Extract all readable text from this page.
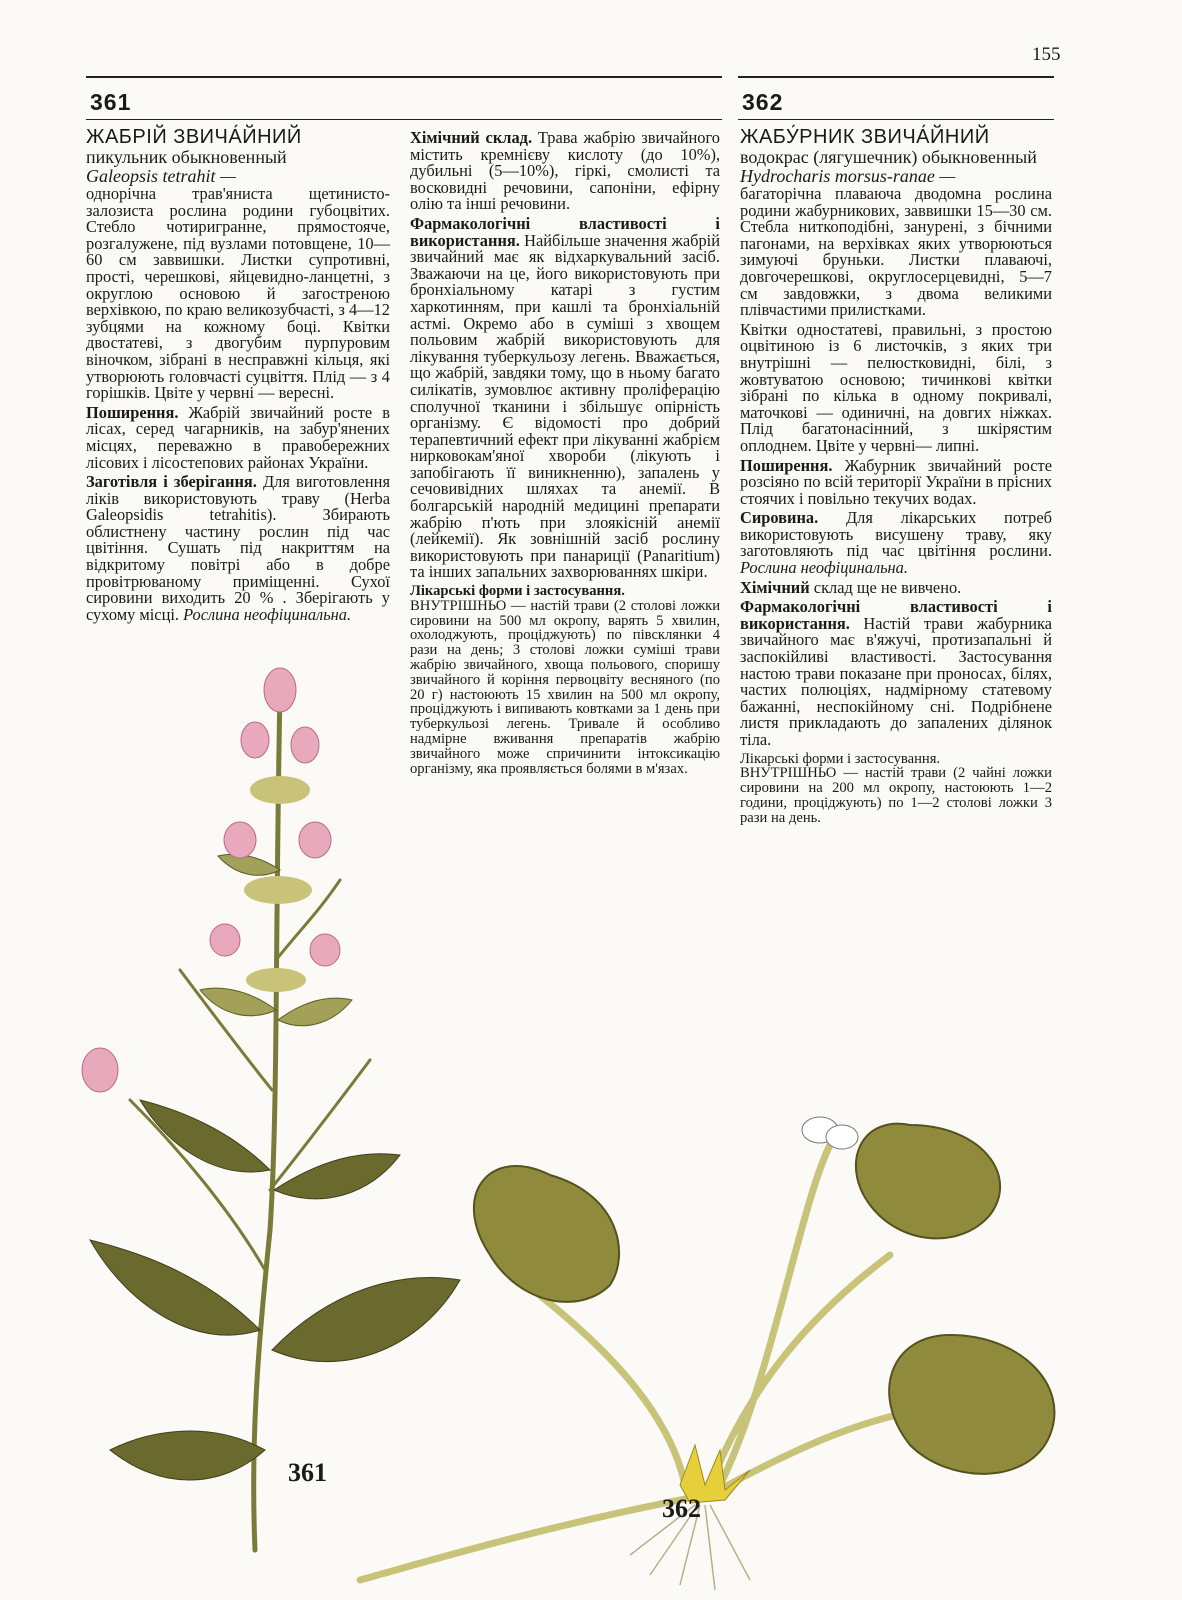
155
361	362
ЖАБРІЙ ЗВИЧА́ЙНИЙ
пикульник обыкновенный
Galeopsis tetrahit —

однорічна трав'яниста щетинисто-залозиста рослина родини губоцвітих. Стебло чотиригранне, прямостояче, розгалужене, під вузлами потовщене, 10—60 см заввишки. Листки супротивні, прості, черешкові, яйцевидно-ланцетні, з округлою основою й загостреною верхівкою, по краю великозубчасті, з 4—12 зубцями на кожному боці. Квітки двостатеві, з двогубим пурпуровим віночком, зібрані в несправжні кільця, які утворюють головчасті суцвіття. Плід — з 4 горішків. Цвіте у червні — вересні.

Поширення. Жабрій звичайний росте в лісах, серед чагарників, на забур'янених місцях, переважно в правобережних лісових і лісостепових районах України.

Заготівля і зберігання. Для виготовлення ліків використовують траву (Herba Galeopsidis tetrahitis). Збирають облистнену частину рослин під час цвітіння. Сушать під накриттям на відкритому повітрі або в добре провітрюваному приміщенні. Сухої сировини виходить 20 % . Зберігають у сухому місці. Рослина неофіцинальна.

Хімічний склад. Трава жабрію звичайного містить кремнієву кислоту (до 10%), дубильні (5—10%), гіркі, смолисті та восковидні речовини, сапоніни, ефірну олію та інші речовини.

Фармакологічні властивості і використання. Найбільше значення жабрій звичайний має як відхаркувальний засіб. Зважаючи на це, його використовують при бронхіальному катарі з густим харкотинням, при кашлі та бронхіальній астмі. Окремо або в суміші з хвощем польовим жабрій використовують для лікування туберкульозу легень. Вважається, що жабрій, завдяки тому, що в ньому багато силікатів, зумовлює активну проліферацію сполучної тканини і збільшує опірність організму. Є відомості про добрий терапевтичний ефект при лікуванні жабрієм нирковокам'яної хвороби (лікують і запобігають її виникненню), запалень у сечовивідних шляхах та анемії. В болгарській народній медицині препарати жабрію п'ють при злоякісній анемії (лейкемії). Як зовнішній засіб рослину використовують при панариції (Panaritium) та інших запальних захворюваннях шкіри.

Лікарські форми і застосування.
ВНУТРІШНЬО — настій трави (2 столові ложки сировини на 500 мл окропу, варять 5 хвилин, охолоджують, проціджують) по півсклянки 4 рази на день; 3 столові ложки суміші трави жабрію звичайного, хвоща польового, споришу звичайного й коріння первоцвіту весняного (по 20 г) настоюють 15 хвилин на 500 мл окропу, проціджують і випивають ковтками за 1 день при туберкульозі легень. Тривале й особливо надмірне вживання препаратів жабрію звичайного може спричинити інтоксикацію організму, яка проявляється болями в м'язах.

ЖАБУ́РНИК ЗВИЧА́ЙНИЙ
водокрас (лягушечник) обыкновенный
Hydrocharis morsus-ranae —

багаторічна плаваюча дводомна рослина родини жабурникових, заввишки 15—30 см. Стебла ниткоподібні, занурені, з бічними пагонами, на верхівках яких утворюються зимуючі бруньки. Листки плаваючі, довгочерешкові, округлосерцевидні, 5—7 см завдовжки, з двома великими плівчастими прилистками.

Квітки одностатеві, правильні, з простою оцвітиною із 6 листочків, з яких три внутрішні — пелюстковидні, білі, з жовтуватою основою; тичинкові квітки зібрані по кілька в одному покривалі, маточкові — одиничні, на довгих ніжках. Плід багатонасінний, з шкірястим оплоднем. Цвіте у червні— липні.

Поширення. Жабурник звичайний росте розсіяно по всій території України в прісних стоячих і повільно текучих водах.

Сировина. Для лікарських потреб використовують висушену траву, яку заготовляють під час цвітіння рослини. Рослина неофіцинальна.

Хімічний склад ще не вивчено.

Фармакологічні властивості і використання. Настій трави жабурника звичайного має в'яжучі, протизапальні й заспокійливі властивості. Застосування настою трави показане при проносах, білях, частих полюціях, надмірному статевому бажанні, неспокійному сні. Подрібнене листя прикладають до запалених ділянок тіла.

Лікарські форми і застосування.
ВНУТРІШНЬО — настій трави (2 чайні ложки сировини на 200 мл окропу, настоюють 1—2 години, проціджують) по 1—2 столові ложки 3 рази на день.

361
362
